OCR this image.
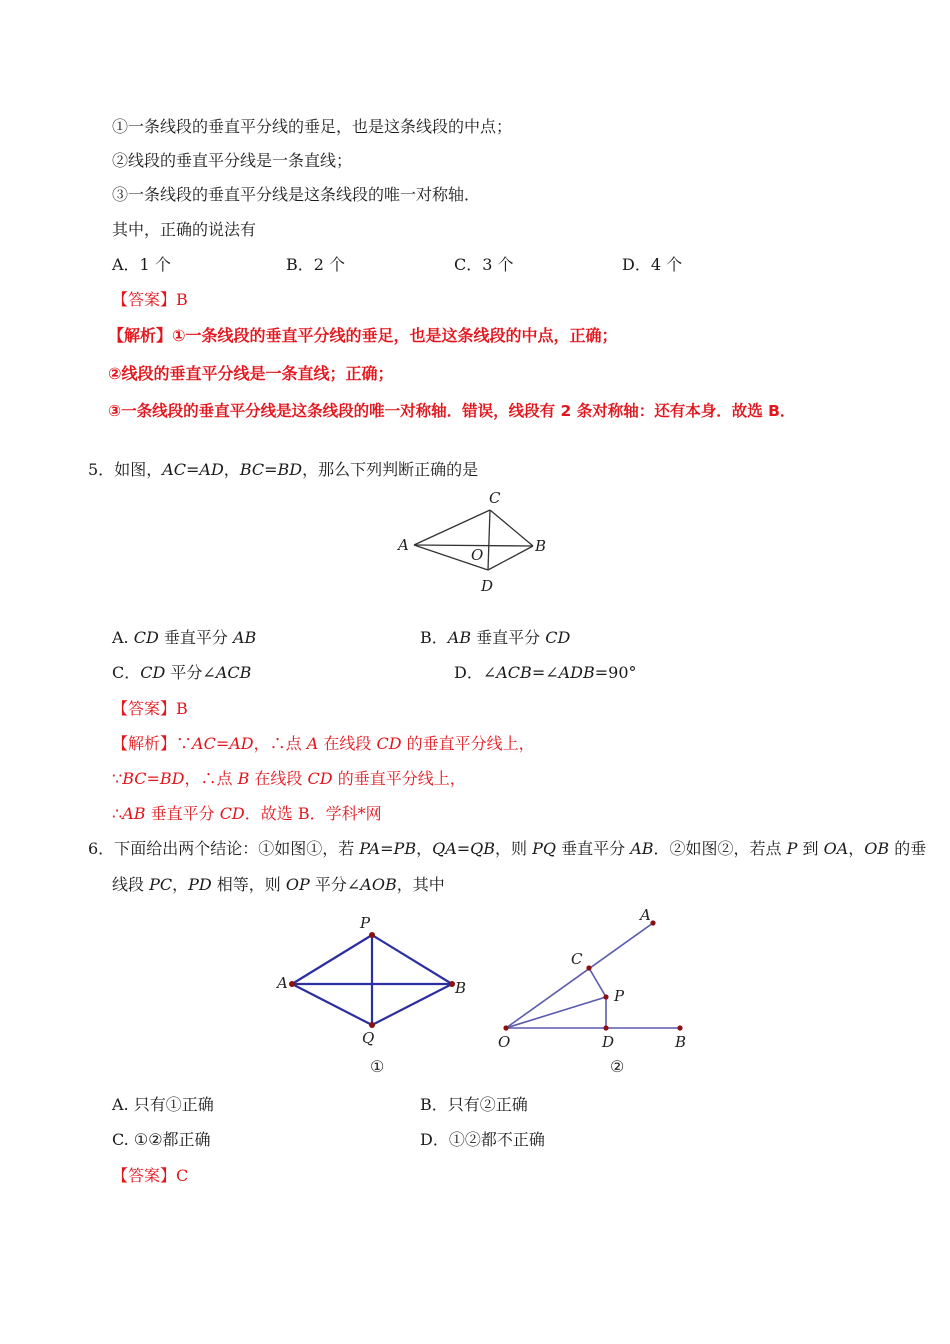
①一条线段的垂直平分线的垂足，也是这条线段的中点；
②线段的垂直平分线是一条直线；
③一条线段的垂直平分线是这条线段的唯一对称轴．
其中，正确的说法有
A．1 个	B．2 个	C．3 个	D．4 个
【答案】B
【解析】①一条线段的垂直平分线的垂足，也是这条线段的中点，正确；
②线段的垂直平分线是一条直线；正确；
③一条线段的垂直平分线是这条线段的唯一对称轴．错误，线段有 2 条对称轴：还有本身．故选 B．
5．如图，AC=AD，BC=BD，那么下列判断正确的是
C
A
O	B
D
A. CD 垂直平分 AB	B．AB 垂直平分 CD
C．CD 平分∠ACB	D．∠ACB=∠ADB=90°
【答案】B
【解析】∵AC=AD，∴点 A 在线段 CD 的垂直平分线上，
∵BC=BD，∴点 B 在线段 CD 的垂直平分线上，
∴AB 垂直平分 CD．故选 B．学科*网
6．下面给出两个结论：①如图①，若 PA=PB，QA=QB，则 PQ 垂直平分 AB．②如图②，若点 P 到 OA，OB 的垂
线段 PC，PD 相等，则 OP 平分∠AOB，其中
P
A	B
Q
①
A
C
P
O	D	B
②
A. 只有①正确	B．只有②正确
C. ①②都正确	D．①②都不正确
【答案】C
